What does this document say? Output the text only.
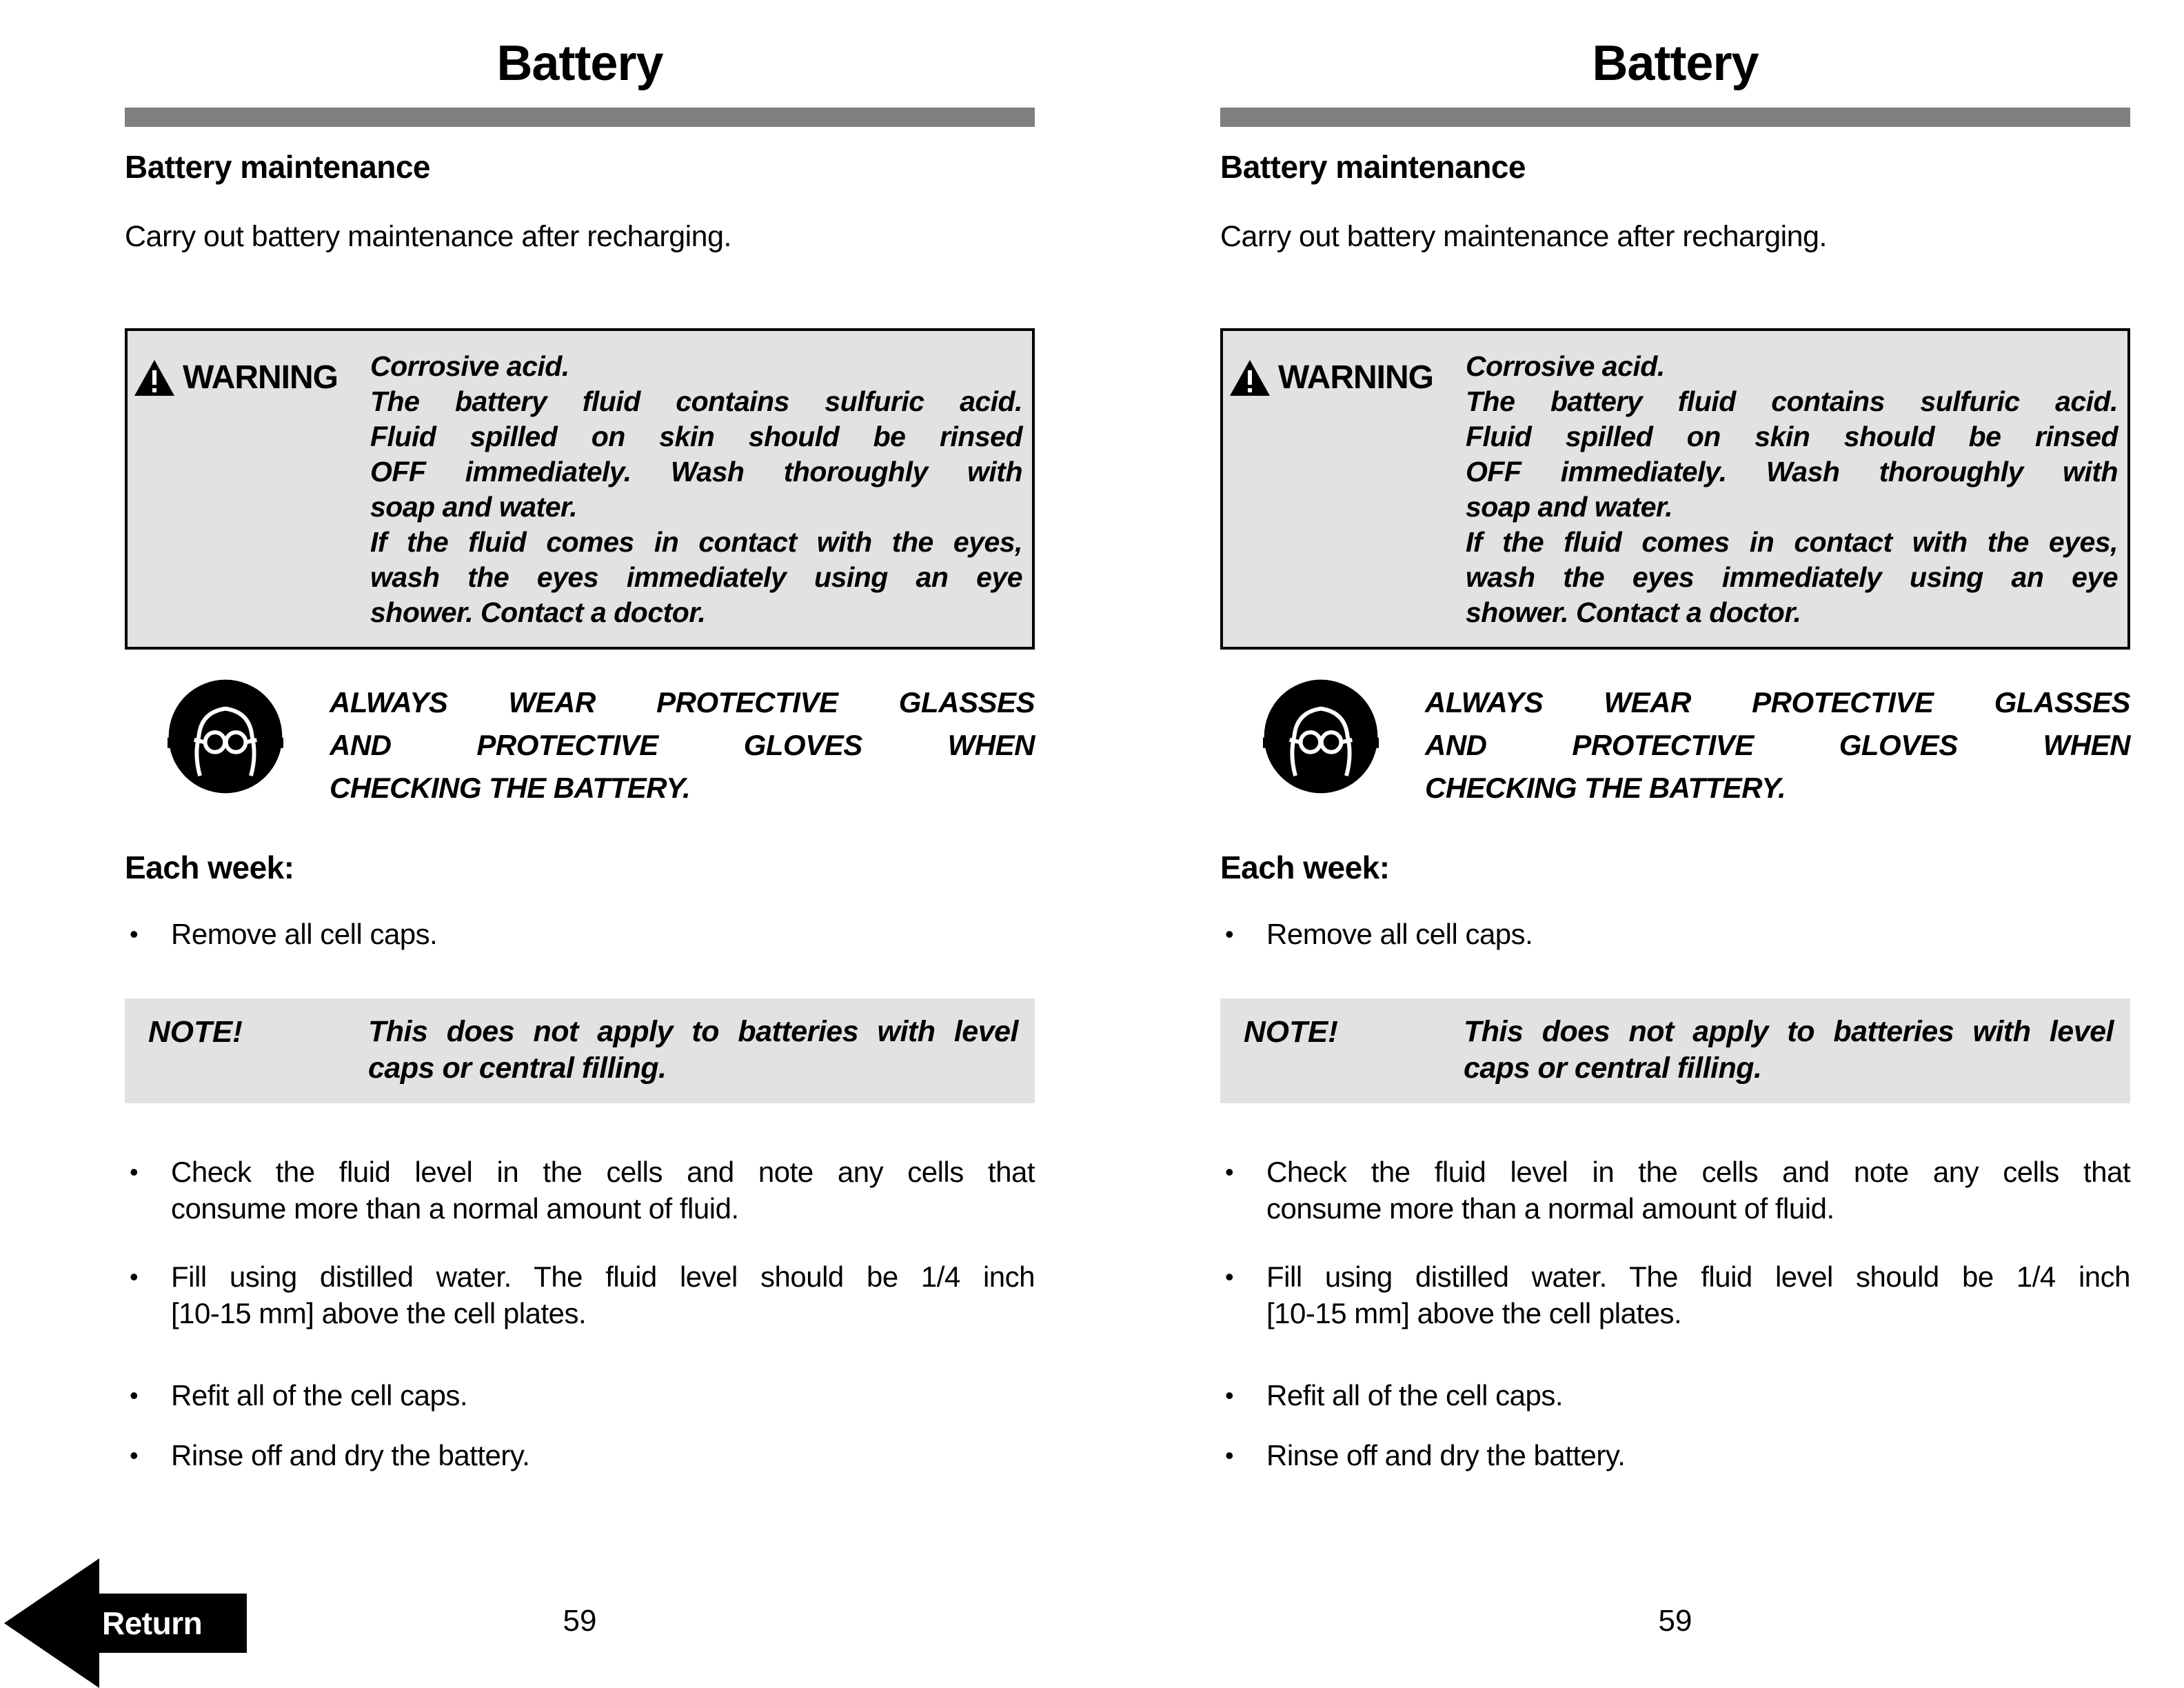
Battery
Battery maintenance

Carry out battery maintenance after recharging.

WARNING Corrosive acid.
The battery fluid contains sulfuric acid.
Fluid spilled on skin should be rinsed
OFF immediately. Wash thoroughly with
soap and water.
If the fluid comes in contact with the eyes,
wash the eyes immediately using an eye
shower. Contact a doctor.
ALWAYS WEAR PROTECTIVE GLASSES
AND PROTECTIVE GLOVES WHEN
CHECKING THE BATTERY.
Each week:
•	Remove all cell caps.
NOTE!	This does not apply to batteries with level
caps or central filling.
•	Check the fluid level in the cells and note any cells that
consume more than a normal amount of fluid.
•	Fill using distilled water. The fluid level should be 1/4 inch
[10-15 mm] above the cell plates.
•	Refit all of the cell caps.
•	Rinse off and dry the battery.
59
Battery
Battery maintenance

Carry out battery maintenance after recharging.

WARNING Corrosive acid.
The battery fluid contains sulfuric acid.
Fluid spilled on skin should be rinsed
OFF immediately. Wash thoroughly with
soap and water.
If the fluid comes in contact with the eyes,
wash the eyes immediately using an eye
shower. Contact a doctor.
ALWAYS WEAR PROTECTIVE GLASSES
AND PROTECTIVE GLOVES WHEN
CHECKING THE BATTERY.
Each week:
•	Remove all cell caps.
NOTE!	This does not apply to batteries with level
caps or central filling.
•	Check the fluid level in the cells and note any cells that
consume more than a normal amount of fluid.
•	Fill using distilled water. The fluid level should be 1/4 inch
[10-15 mm] above the cell plates.
•	Refit all of the cell caps.
•	Rinse off and dry the battery.
59
Return
